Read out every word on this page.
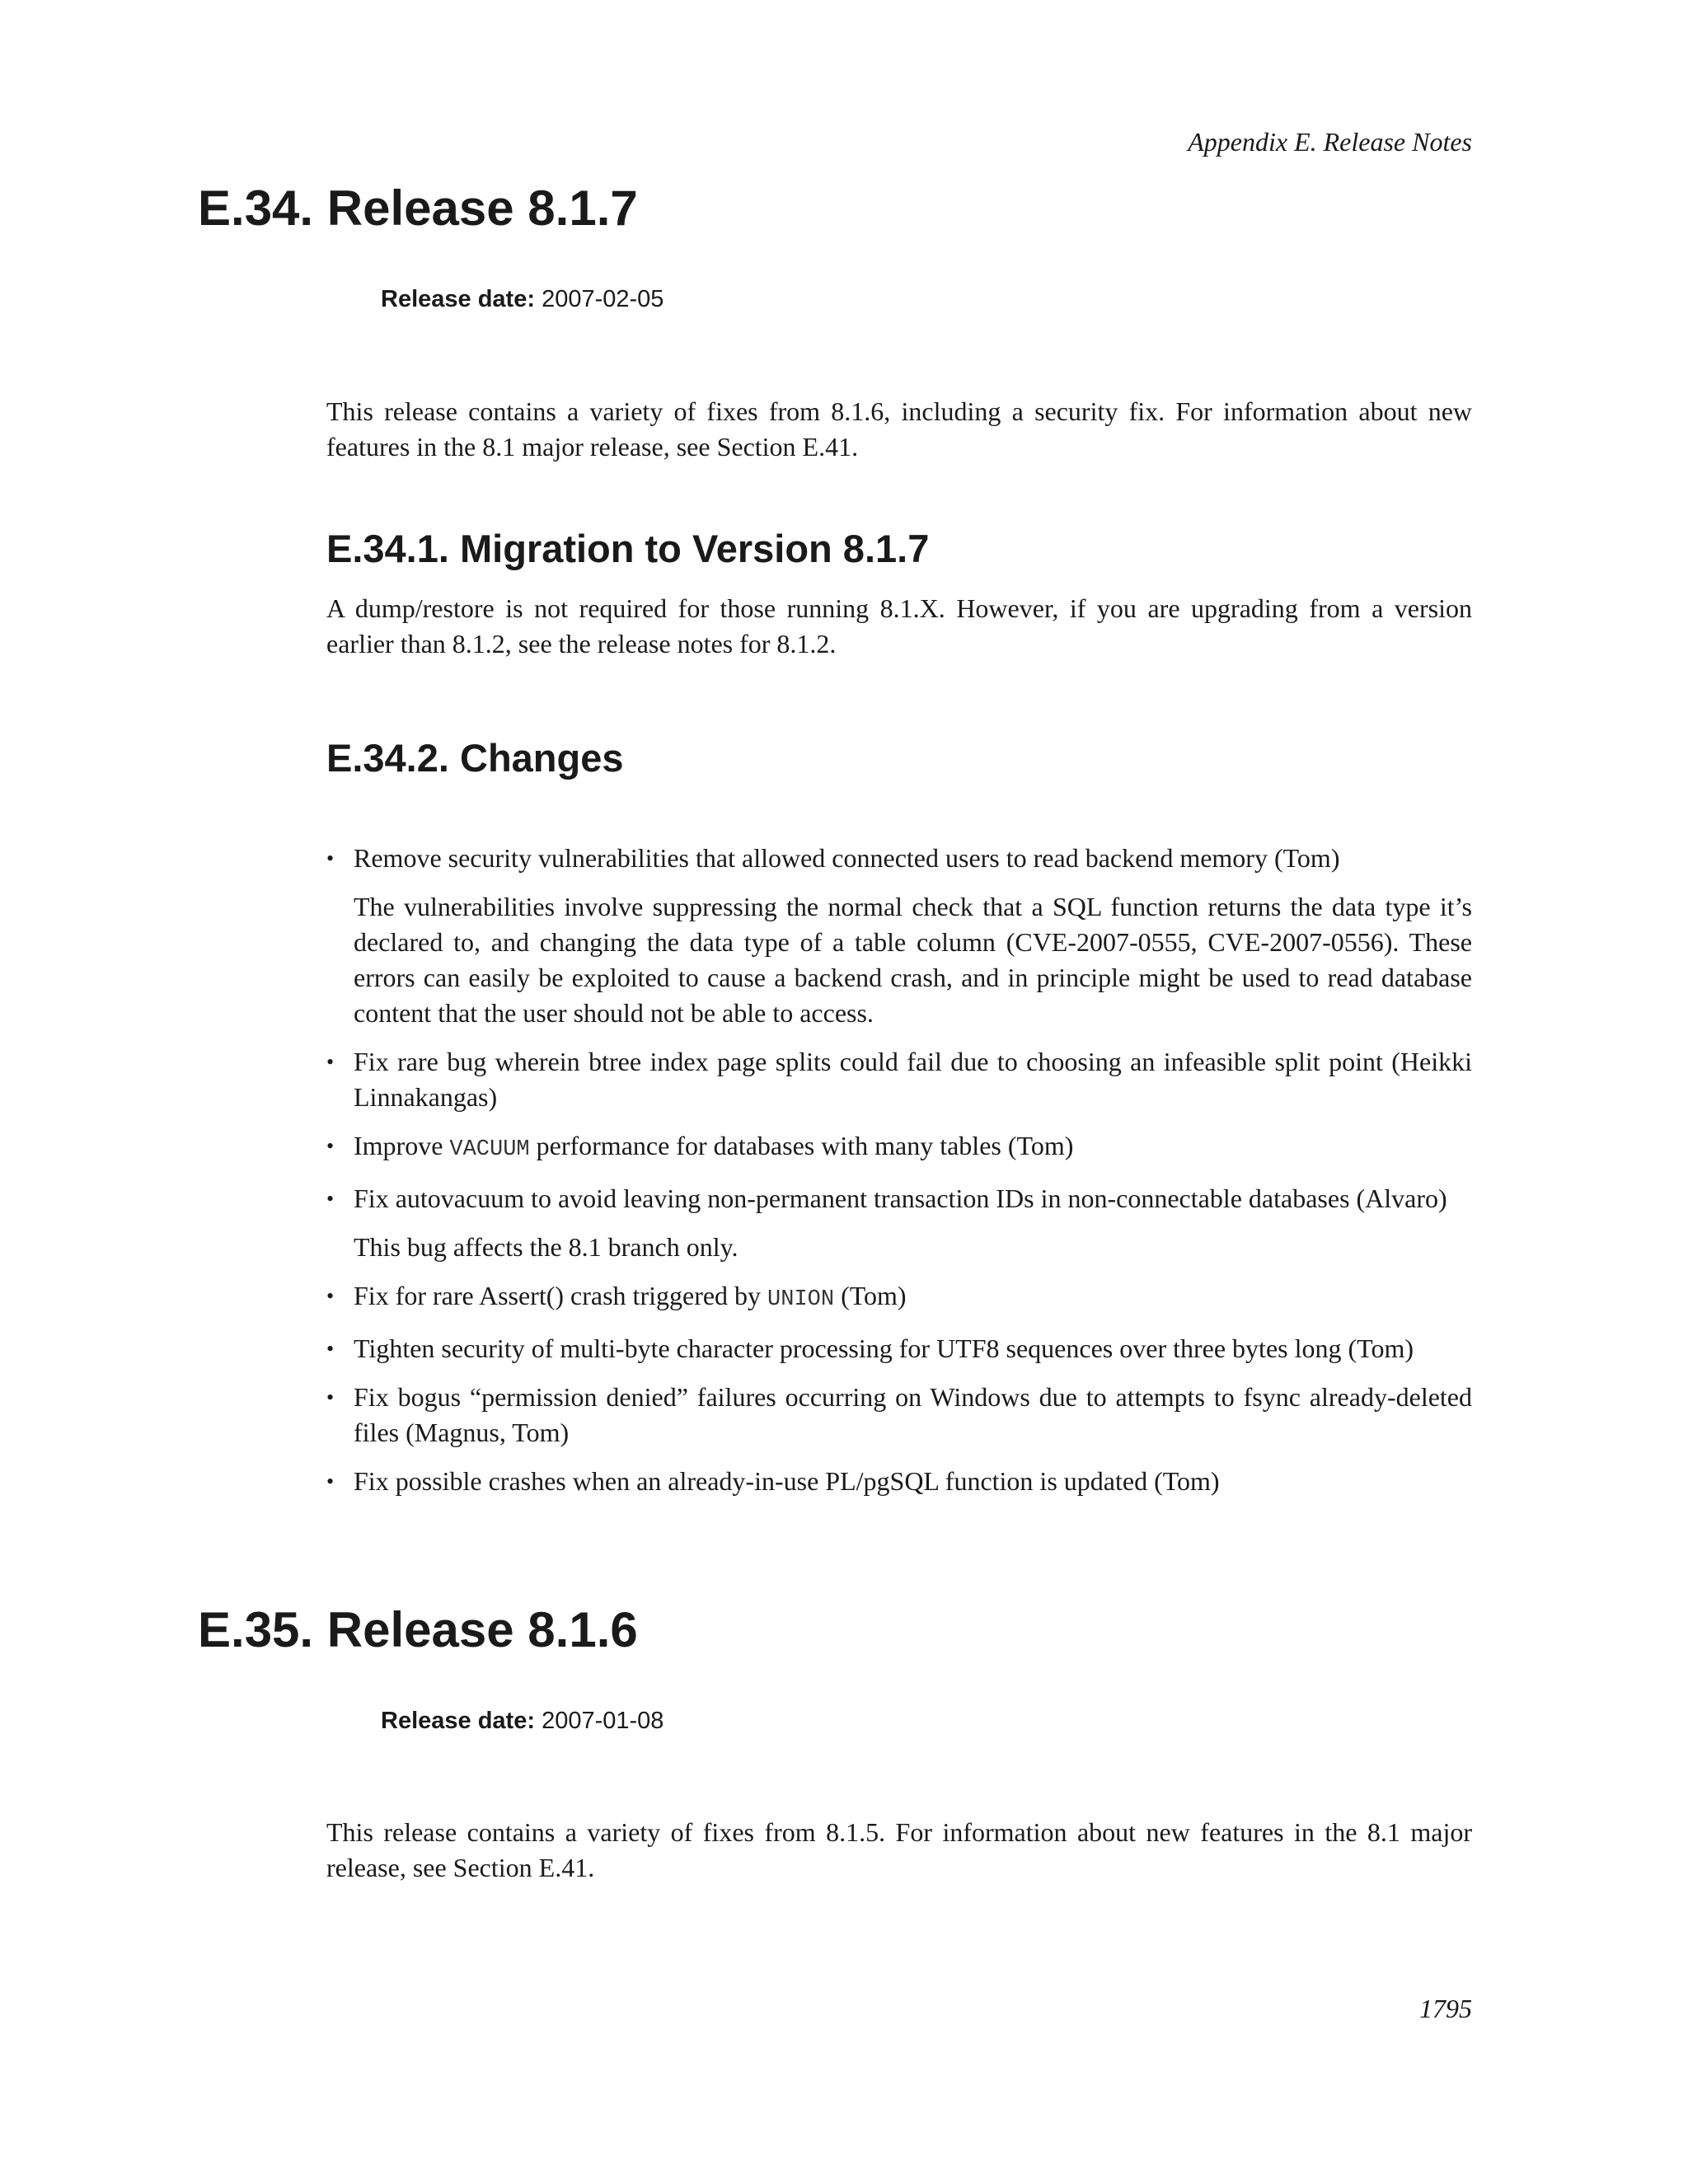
Appendix E. Release Notes
E.34. Release 8.1.7
Release date: 2007-02-05

This release contains a variety of fixes from 8.1.6, including a security fix. For information about new features in the 8.1 major release, see Section E.41.

E.34.1. Migration to Version 8.1.7

A dump/restore is not required for those running 8.1.X. However, if you are upgrading from a version earlier than 8.1.2, see the release notes for 8.1.2.

E.34.2. Changes
• Remove security vulnerabilities that allowed connected users to read backend memory (Tom)

The vulnerabilities involve suppressing the normal check that a SQL function returns the data type it’s declared to, and changing the data type of a table column (CVE-2007-0555, CVE-2007-0556). These errors can easily be exploited to cause a backend crash, and in principle might be used to read database content that the user should not be able to access.

• Fix rare bug wherein btree index page splits could fail due to choosing an infeasible split point (Heikki Linnakangas)

• Improve VACUUM performance for databases with many tables (Tom)

• Fix autovacuum to avoid leaving non-permanent transaction IDs in non-connectable databases (Alvaro)

This bug affects the 8.1 branch only.

• Fix for rare Assert() crash triggered by UNION (Tom)

• Tighten security of multi-byte character processing for UTF8 sequences over three bytes long (Tom)

• Fix bogus “permission denied” failures occurring on Windows due to attempts to fsync already-deleted files (Magnus, Tom)

• Fix possible crashes when an already-in-use PL/pgSQL function is updated (Tom)

E.35. Release 8.1.6
Release date: 2007-01-08

This release contains a variety of fixes from 8.1.5. For information about new features in the 8.1 major release, see Section E.41.

1795
